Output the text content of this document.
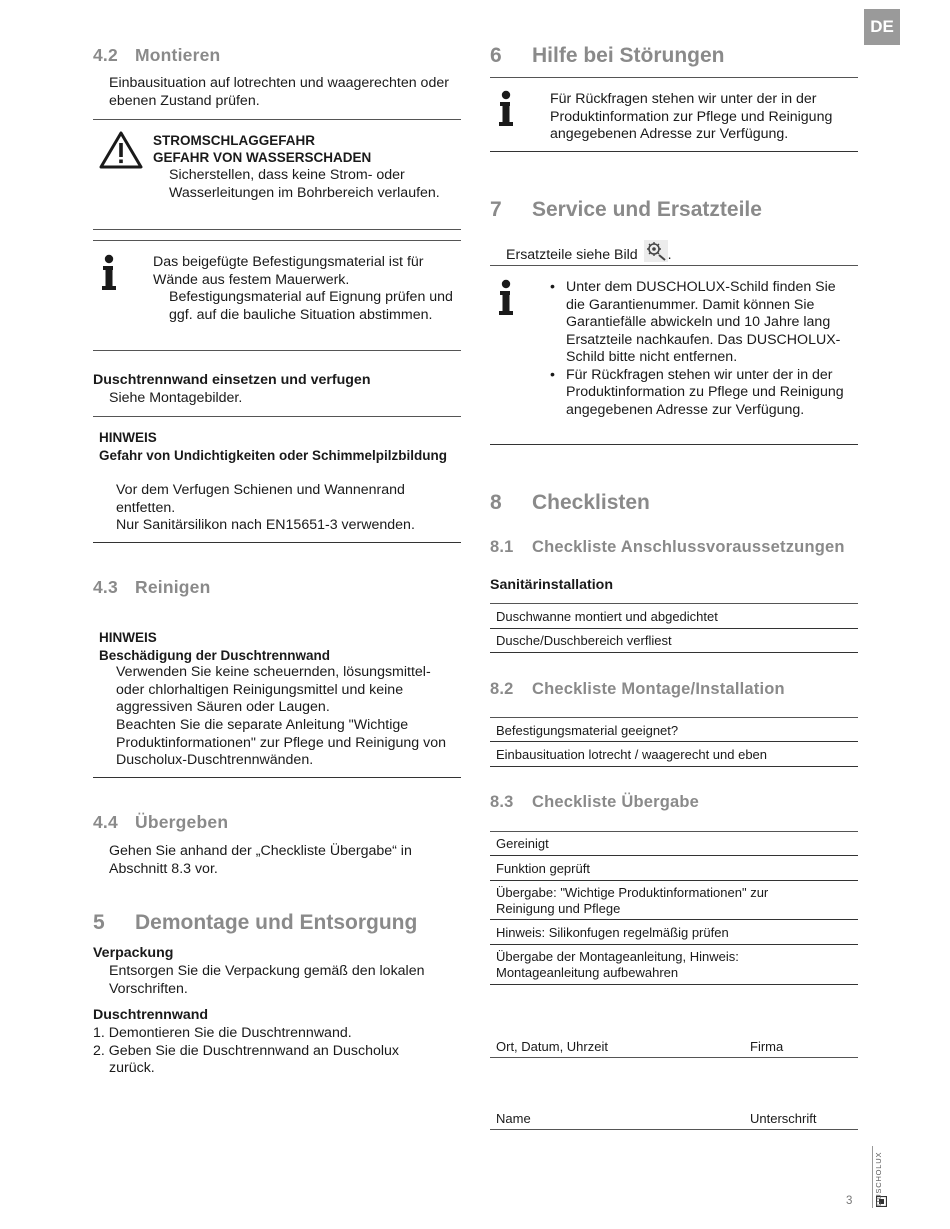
DE
4.2 Montieren
Einbausituation auf lotrechten und waagerechten oder ebenen Zustand prüfen.
STROMSCHLAGGEFAHR
GEFAHR VON WASSERSCHADEN
Sicherstellen, dass keine Strom- oder Wasserleitungen im Bohrbereich verlaufen.
Das beigefügte Befestigungsmaterial ist für Wände aus festem Mauerwerk.
Befestigungsmaterial auf Eignung prüfen und ggf. auf die bauliche Situation abstimmen.
Duschtrennwand einsetzen und verfugen
Siehe Montagebilder.
HINWEIS
Gefahr von Undichtigkeiten oder Schimmelpilzbildung
Vor dem Verfugen Schienen und Wannenrand entfetten.
Nur Sanitärsilikon nach EN15651-3 verwenden.
4.3 Reinigen
HINWEIS
Beschädigung der Duschtrennwand
Verwenden Sie keine scheuernden, lösungsmittel- oder chlorhaltigen Reinigungsmittel und keine aggressiven Säuren oder Laugen.
Beachten Sie die separate Anleitung "Wichtige Produktinformationen" zur Pflege und Reinigung von Duscholux-Duschtrennwänden.
4.4 Übergeben
Gehen Sie anhand der „Checkliste Übergabe“ in Abschnitt 8.3 vor.
5 Demontage und Entsorgung
Verpackung
Entsorgen Sie die Verpackung gemäß den lokalen Vorschriften.
Duschtrennwand
1. Demontieren Sie die Duschtrennwand.
2. Geben Sie die Duschtrennwand an Duscholux zurück.
6 Hilfe bei Störungen
Für Rückfragen stehen wir unter der in der Produktinformation zur Pflege und Reinigung angegebenen Adresse zur Verfügung.
7 Service und Ersatzteile
Ersatzteile siehe Bild .
• Unter dem DUSCHOLUX-Schild finden Sie die Garantienummer. Damit können Sie Garantiefälle abwickeln und 10 Jahre lang Ersatzteile nachkaufen. Das DUSCHOLUX-Schild bitte nicht entfernen.
• Für Rückfragen stehen wir unter der in der Produktinformation zu Pflege und Reinigung angegebenen Adresse zur Verfügung.
8 Checklisten
8.1 Checkliste Anschlussvoraussetzungen
Sanitärinstallation
Duschwanne montiert und abgedichtet
Dusche/Duschbereich verfliest
8.2 Checkliste Montage/Installation
Befestigungsmaterial geeignet?
Einbausituation lotrecht / waagerecht und eben
8.3 Checkliste Übergabe
Gereinigt
Funktion geprüft
Übergabe: "Wichtige Produktinformationen" zur Reinigung und Pflege
Hinweis: Silikonfugen regelmäßig prüfen
Übergabe der Montageanleitung, Hinweis: Montageanleitung aufbewahren
Ort, Datum, Uhrzeit	Firma
Name	Unterschrift
DUSCHOLUX
3
